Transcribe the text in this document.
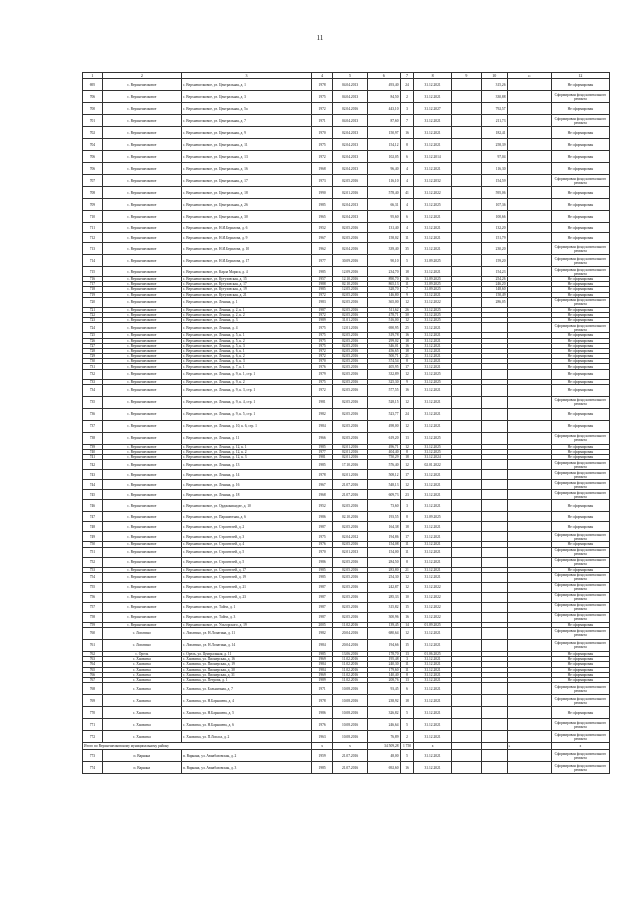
11
1	2	3	4	5	6	7	8	9	10	11	12
695	с. Верхнешелковое	с. Верхнешелковое, ул. Центральная, д. 1	1978	04.04.2013	493,40	24	31.12.2021		315,26		Не сформирован
706	с. Верхнешелковое	с. Верхнешелковое, ул. Центральная, д. 3	1975	04.04.2013	84,50	2	31.12.2021		330,88		Сформирован фонд капитального ремонта
700	с. Верхнешелковое	с. Верхнешелковое, ул. Центральная, д. 5а	1972	02.04.2016	443,10	3	31.12.2027		792,57		Не сформирован
701	с. Верхнешелковое	с. Верхнешелковое, ул. Центральная, д. 7	1971	04.04.2013	87,60	7	31.12.2021		211,73		Сформирован фонд капитального ремонта
702	с. Верхнешелковое	с. Верхнешелковое, ул. Центральная, д. 9	1970	02.04.2013	150,97	16	31.12.2021		182,41		Не сформирован
704	с. Верхнешелковое	с. Верхнешелковое, ул. Центральная, д. 11	1975	02.04.2013	154,12	8	31.12.2021		258,39		Не сформирован
706	с. Верхнешелковое	с. Верхнешелковое, ул. Центральная, д. 13	1972	02.04.2013	102,05	6	31.12.2014		97,04		Не сформирован
706	с. Верхнешелковое	с. Верхнешелковое, ул. Центральная, д. 16	1968	02.04.2013	96,40	4	31.12.2021		116,30		Не сформирован
707	с. Верхнешелковое	с. Верхнешелковое, ул. Центральная, д. 17	1973	02.05.2016	116,10	4	31.12.2032		154,59		Сформирован фонд капитального ремонта
708	с. Верхнешелковое	с. Верхнешелковое, ул. Центральная, д. 18	1990	02.01.2016	578,40	41	31.12.2022		595,06		Не сформирован
709	с. Верхнешелковое	с. Верхнешелковое, ул. Центральная, д. 26	1985	02.04.2013	66,31	4	31.12.2025		107,36		Не сформирован
710	с. Верхнешелковое	с. Верхнешелковое, ул. Центральная, д. 30	1965	02.04.2013	95,60	6	31.12.2021		100,66		Не сформирован
711	с. Верхнешелковое	с. Верхнешелковое, ул. Н.И.Берилова, д. 6	1952	02.05.2016	131,40	4	31.12.2021		132,20		Не сформирован
712	с. Верхнешелковое	с. Верхнешелковое, ул. Н.И.Берилова, д. 9	1967	02.05.2016	158,02	11	31.12.2021		151,79		Не сформирован
713	с. Верхнешелковое	с. Верхнешелковое, ул. Н.И.Берилова, д. 10	1962	02.04.2016	339,40	35	31.12.2021		230,20		Сформирован фонд капитального ремонта
714	с. Верхнешелковое	с. Верхнешелковое, ул. Н.И.Берилова, д. 17	1977	30.09.2016	90,10	5	31.09.2025		159,20		Сформирован фонд капитального ремонта
715	с. Верхнешелковое	с. Верхнешелковое, ул. Карла Маркса, д. 4	1985	12.09.2016	234,70	18	31.12.2021		154,23		Сформирован фонд капитального ремонта
716	с. Верхнешелковое	с. Верхнешелковое, ул. Кутузовская, д. 15	1957	12.10.2016	890,70	16	31.09.2025		254,26		Не сформирован
717	с. Верхнешелковое	с. Верхнешелковое, ул. Кутузовская, д. 17	1988	02.10.2016	865,13	11	31.09.2025		246,20		Не сформирован
718	с. Верхнешелковое	с. Верхнешелковое, ул. Кутузовская, д. 19	1985	12.05.2016	328,70	7	31.09.2025		148,60		Не сформирован
719	с. Верхнешелковое	с. Верхнешелковое, ул. Кутузовская, д. 21	1972	02.05.2016	146,80	9	31.12.2021		150,49		Не сформирован
720	с. Верхнешелковое	с. Верхнешелковое, ул. Ленина, д. 1	1983	02.05.2016	365,00	12	31.12.2022		286,05		Сформирован фонд капитального ремонта
721	с. Верхнешелковое	с. Верхнешелковое, ул. Ленина, д. 2, к. 1	1987	02.05.2016	511,62	26	31.12.2025				Не сформирован
722	с. Верхнешелковое	с. Верхнешелковое, ул. Ленина, д. 2, к. 2	1972	02.05.2016	478,71	30	31.12.2025				Не сформирован
723	с. Верхнешелковое	с. Верхнешелковое, ул. Ленина, д. 3	1989	31.01.2016	516,00	12	31.12.2025				Не сформирован
724	с. Верхнешелковое	с. Верхнешелковое, ул. Ленина, д. 4	1975	12.01.2016	690,95	25	31.12.2021				Сформирован фонд капитального ремонта
725	с. Верхнешелковое	с. Верхнешелковое, ул. Ленина, д. 5, к. 1	1975	02.05.2016	319,78	16	31.12.2021				Не сформирован
726	с. Верхнешелковое	с. Верхнешелковое, ул. Ленина, д. 5, к. 2	1975	02.05.2016	299,02	18	31.12.2021				Не сформирован
727	с. Верхнешелковое	с. Верхнешелковое, ул. Ленина, д. 5, к. 3	1975	02.05.2016	346,01	16	31.12.2021				Не сформирован
728	с. Верхнешелковое	с. Верхнешелковое, ул. Ленина, д. 6, к. 1	1972	02.05.2016	456,65	18	31.12.2021				Не сформирован
729	с. Верхнешелковое	с. Верхнешелковое, ул. Ленина, д. 6, к. 2	1972	02.05.2016	500,71	21	31.12.2021				Не сформирован
730	с. Верхнешелковое	с. Верхнешелковое, ул. Ленина, д. 6, к. 3	1970	02.05.2016	374,54	8	31.12.2021				Не сформирован
731	с. Верхнешелковое	с. Верхнешелковое, ул. Ленина, д. 7, к. 1	1976	02.05.2016	405,95	17	31.12.2021				Не сформирован
732	с. Верхнешелковое	с. Верхнешелковое, ул. Ленина, д. 9, к. 1, стр. 1	1979	02.05.2016	332,89	12	31.12.2025				Не сформирован
733	с. Верхнешелковое	с. Верхнешелковое, ул. Ленина, д. 9, к. 2	1975	02.05.2016	325,30	9	31.12.2025				Не сформирован
734	с. Верхнешелковое	с. Верхнешелковое, ул. Ленина, д. 9, к. 3, стр. 1	1972	02.05.2016	577,55	16	31.12.2021				Не сформирован
735	с. Верхнешелковое	с. Верхнешелковое, ул. Ленина, д. 9, к. 4, стр. 1	1981	02.05.2016	528,15	12	31.12.2021				Сформирован фонд капитального ремонта
736	с. Верхнешелковое	с. Верхнешелковое, ул. Ленина, д. 9, к. 5, стр. 1	1982	02.05.2016	523,77	24	31.12.2021				Не сформирован
737	с. Верхнешелковое	с. Верхнешелковое, ул. Ленина, д. 10, к. 6, стр. 1	1984	02.05.2016	498,00	12	31.12.2021				Не сформирован
738	с. Верхнешелковое	с. Верхнешелковое, ул. Ленина, д. 11	1966	02.05.2016	619,20	13	31.12.2025				Сформирован фонд капитального ремонта
739	с. Верхнешелковое	с. Верхнешелковое, ул. Ленина, д. 12, к. 1	1985	02.01.2016	496,71	12	31.12.2025				Не сформирован
740	с. Верхнешелковое	с. Верхнешелковое, ул. Ленина, д. 12, к. 2	1977	02.01.2016	404,40	8	31.12.2025				Не сформирован
741	с. Верхнешелковое	с. Верхнешелковое, ул. Ленина, д. 12, к. 3	1981	02.01.2016	750,29	18	31.12.2024				Не сформирован
742	с. Верхнешелковое	с. Верхнешелковое, ул. Ленина, д. 13	1985	17.10.2016	576,40	12	02.01.2022				Сформирован фонд капитального ремонта
743	с. Верхнешелковое	с. Верхнешелковое, ул. Ленина, д. 14	1978	02.01.2016	508,12	17	31.12.2021				Сформирован фонд капитального ремонта
744	с. Верхнешелковое	с. Верхнешелковое, ул. Ленина, д. 16	1967	21.07.2016	548,13	12	31.12.2021				Сформирован фонд капитального ремонта
745	с. Верхнешелковое	с. Верхнешелковое, ул. Ленина, д. 18	1968	21.07.2016	609,73	23	31.12.2021				Сформирован фонд капитального ремонта
746	с. Верхнешелковое	с. Верхнешелковое, ул. Орджоникидзе, д. 10	1952	02.05.2016	73,60	3	31.12.2021				Не сформирован
747	с. Верхнешелковое	с. Верхнешелковое, ул. Парашютная, д. 6	1986	02.10.2016	193,55	8	31.09.2025				Не сформирован
748	с. Верхнешелковое	с. Верхнешелковое, ул. Строителей, д. 2	1987	02.05.2016	164,38	18	31.12.2021				Не сформирован
749	с. Верхнешелковое	с. Верхнешелковое, ул. Строителей, д. 3	1975	02.04.2012	194,86	17	31.12.2021				Сформирован фонд капитального ремонта
750	с. Верхнешелковое	с. Верхнешелковое, ул. Строителей, д. 4	1976	02.05.2016	154,08	11	31.12.2021				Не сформирован
751	с. Верхнешелковое	с. Верхнешелковое, ул. Строителей, д. 5	1970	02.01.2013	154,00	11	31.12.2021				Сформирован фонд капитального ремонта
752	с. Верхнешелковое	с. Верхнешелковое, ул. Строителей, д. 5	1986	02.05.2016	284,50	8	31.12.2021				Сформирован фонд капитального ремонта
753	с. Верхнешелковое	с. Верхнешелковое, ул. Строителей, д. 17	1985	02.05.2016	283,80	21	31.12.2021				Не сформирован
754	с. Верхнешелковое	с. Верхнешелковое, ул. Строителей, д. 19	1985	02.05.2016	254,30	12	31.12.2021				Сформирован фонд капитального ремонта
755	с. Верхнешелковое	с. Верхнешелковое, ул. Строителей, д. 21	1987	02.05.2016	242,87	12	31.12.2022				Сформирован фонд капитального ремонта
756	с. Верхнешелковое	с. Верхнешелковое, ул. Строителей, д. 23	1987	02.05.2016	285,33	10	31.12.2022				Сформирован фонд капитального ремонта
757	с. Верхнешелковое	с. Верхнешелковое, ул. Тайги, д. 1	1987	02.05.2016	315,82	15	31.12.2022				Сформирован фонд капитального ремонта
758	с. Верхнешелковое	с. Верхнешелковое, ул. Тайги, д. 3	1987	02.05.2016	300,96	16	31.12.2022				Сформирован фонд капитального ремонта
759	с. Верхнешелковое	с. Верхнешелковое, ул. Ульгорского, д. 19	2005	11.02.2016	139,45	14	01.09.2025				Не сформирован
760	с. Лопатино	с. Лопатино, ул. Н.Лопатина, д. 11	1982	20.04.2016	680,64	12	31.12.2021				Сформирован фонд капитального ремонта
761	с. Лопатино	с. Лопатино, ул. Н.Лопатина, д. 14	1984	20.04.2016	194,66	15	31.12.2021				Сформирован фонд капитального ремонта
762	с. Орель	с. Орель, ул. Центральная, д. 11	1985	13.06.2016	178,70	13	01.06.2025				Не сформирован
763	с. Хамзятка	с. Хамзятка, ул. Пионерская, д. 16	1969	11.02.2016	195,48	3	31.12.2021				Не сформирован
764	с. Хамзятка	с. Хамзятка, ул. Пионерская, д. 19	1984	11.02.2016	240,30	11	31.12.2021				Не сформирован
765	с. Хамзятка	с. Хамзятка, ул. Пионерская, д. 30	1984	11.02.2016	179,60	11	31.12.2021				Не сформирован
766	с. Хамзятка	с. Хамзятка, ул. Пионерская, д. 31	1969	11.02.2016	140,40	8	31.12.2021				Не сформирован
767	с. Хамзятка	с. Хамзятка, ул. Петрова, д. 1	1989	11.02.2016	208,76	13	31.12.2021				Не сформирован
768	с. Хамзятка	с. Хамзятка, ул. Больничная, д. 7	1971	10.08.2016	93,45	6	31.12.2021				Сформирован фонд капитального ремонта
769	с. Хамзятка	с. Хамзятка, ул. Н.Барышева, д. 4	1978	10.08.2016	238,92	18	31.12.2021				Сформирован фонд капитального ремонта
770	с. Хамзятка	с. Хамзятка, ул. Н.Барышева, д. 5	1986	10.08.2016	326,82	5	31.12.2021				Не сформирован
771	с. Хамзятка	с. Хамзятка, ул. Н.Барышева, д. 6	1976	10.08.2016	246,64	5	31.12.2021				Сформирован фонд капитального ремонта
772	с. Хамзятка	с. Хамзятка, ул. П.Лопаса, д. 2	1963	10.08.2016	76,89	2	31.12.2021				Сформирован фонд капитального ремонта
Итого по Верхнешелковскому муниципальному району			х	х	34 509,28	1 750	х			х	х
773	п. Варнана	п. Варнана, ул. Авиабазовская, д. 2	1959	21.07.2016	48,00	5	31.12.2021				Сформирован фонд капитального ремонта
774	п. Варнана	п. Варнана, ул. Авиабазовская, д. 3	1985	21.07.2016	692,60	16	31.12.2021				Сформирован фонд капитального ремонта
